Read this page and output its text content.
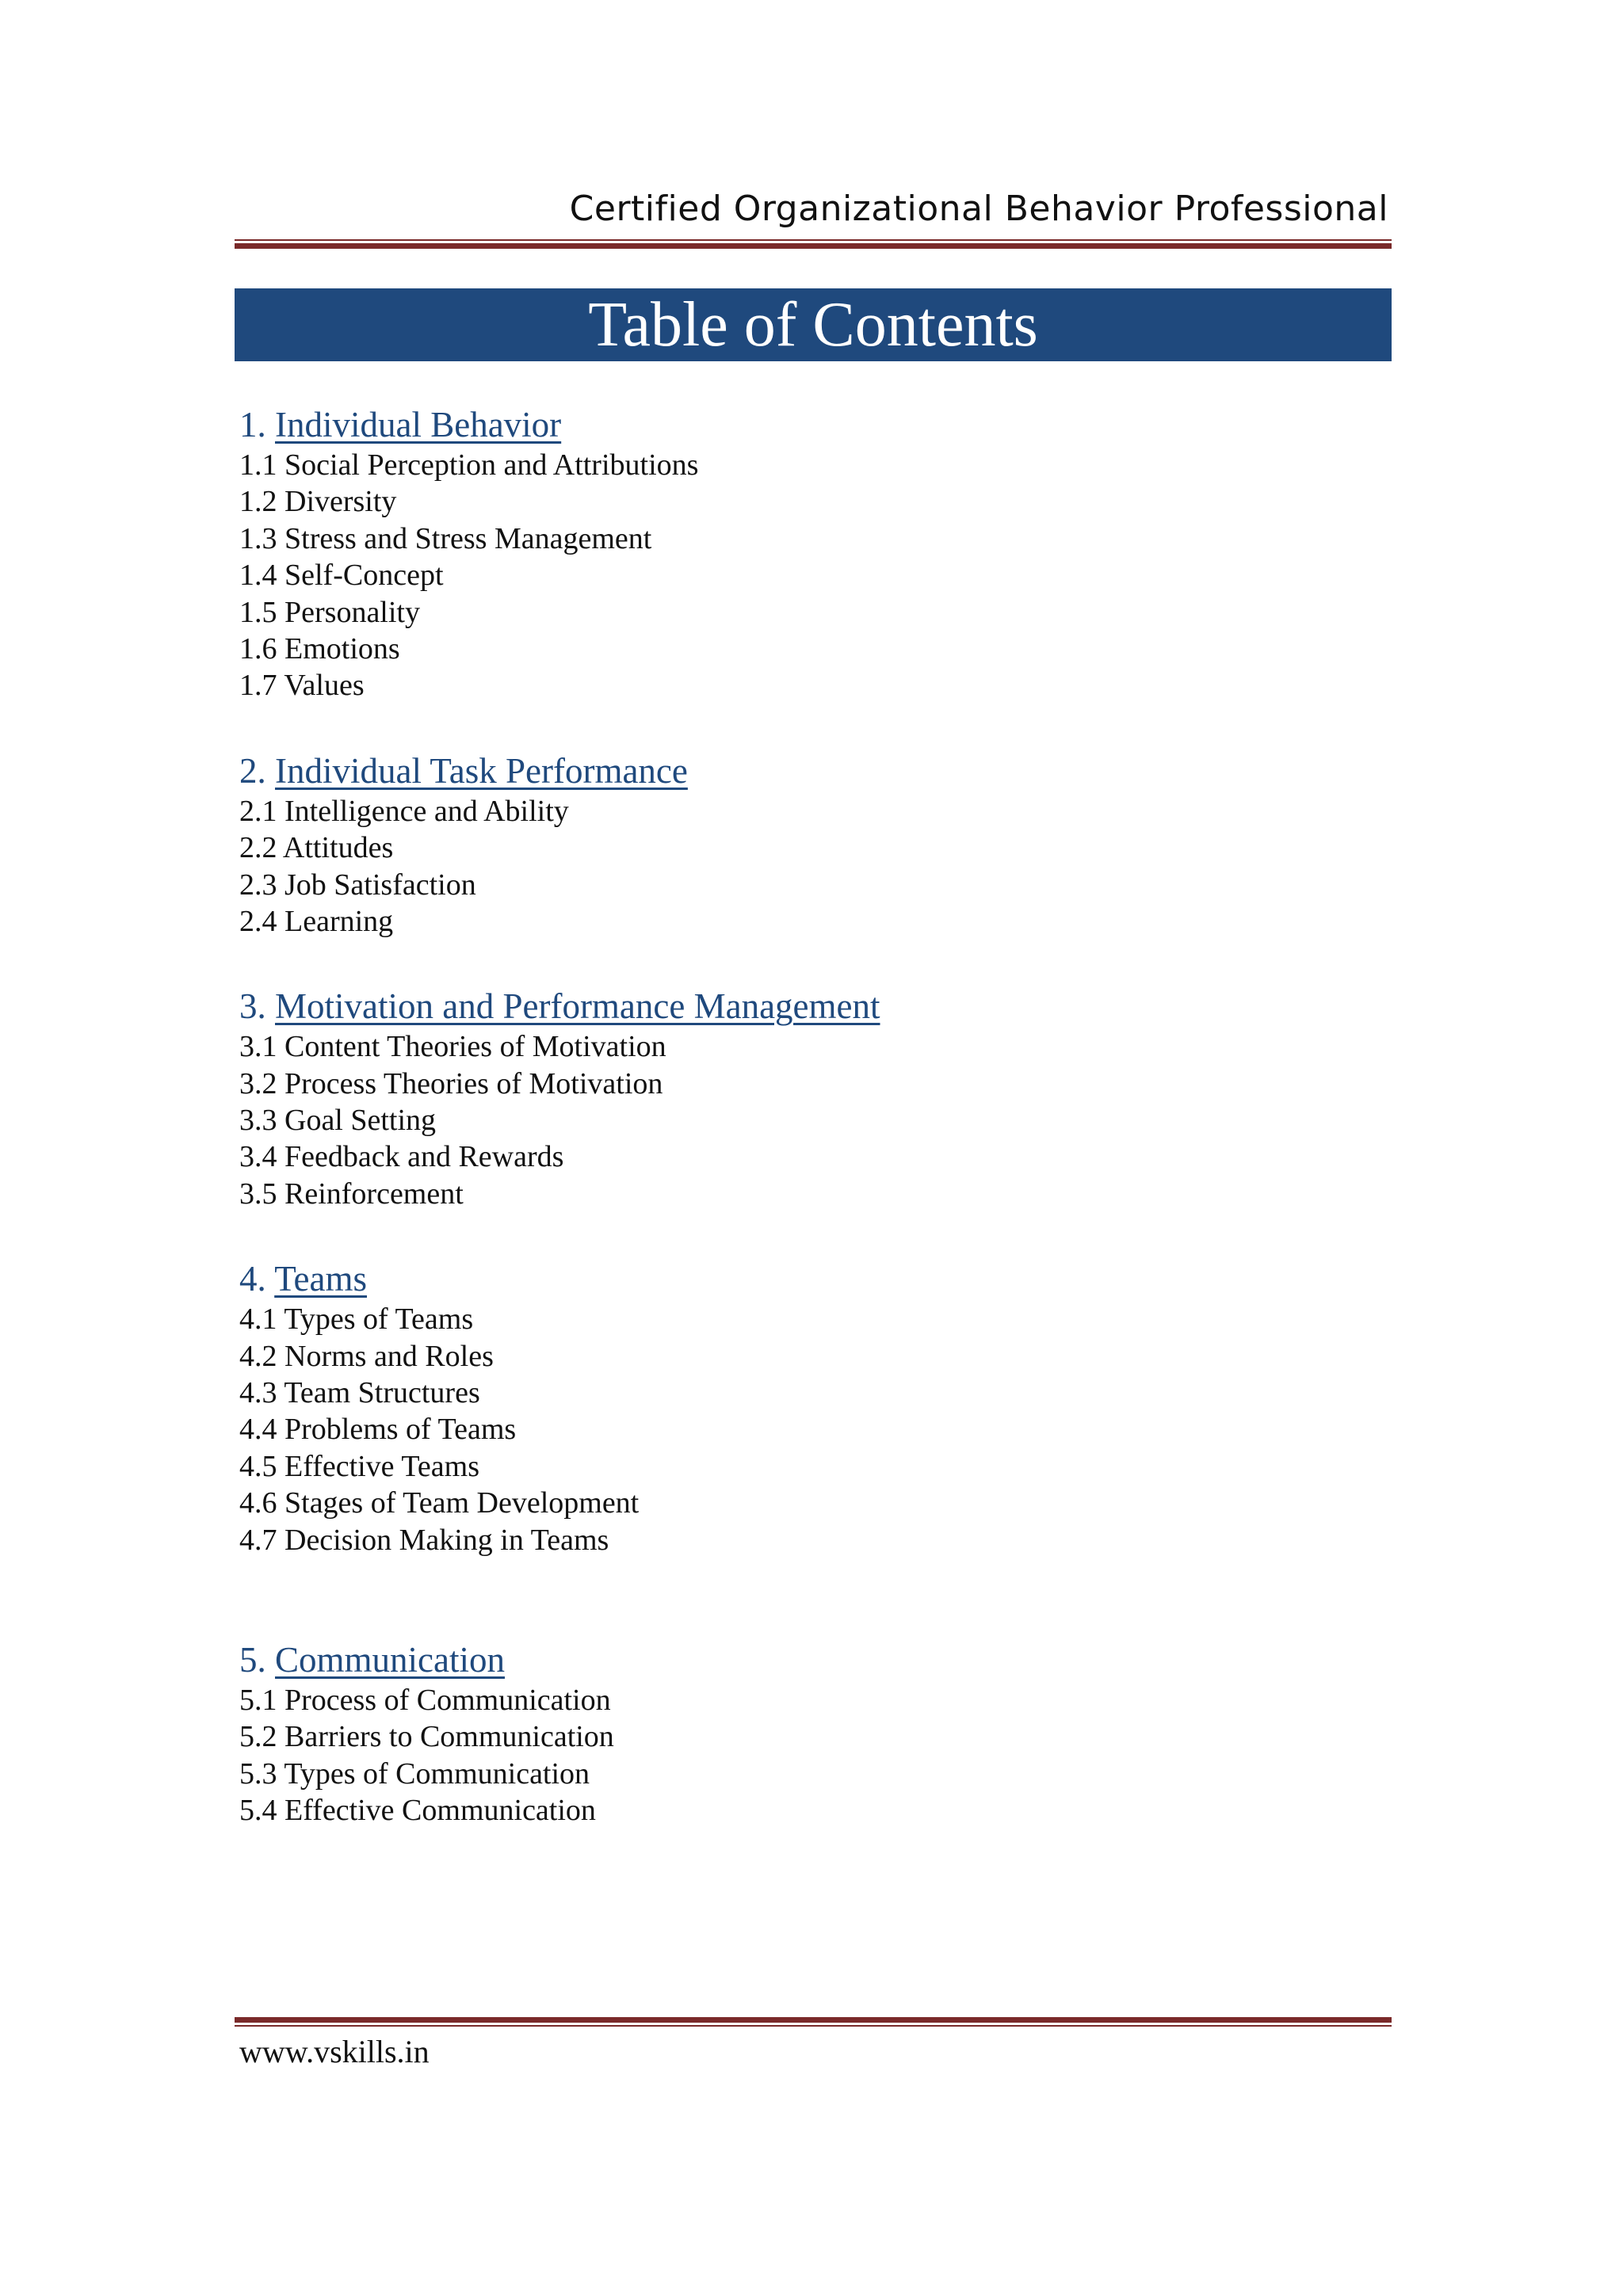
Certified Organizational Behavior Professional
Table of Contents
1. Individual Behavior
1.1 Social Perception and Attributions
1.2 Diversity
1.3 Stress and Stress Management
1.4 Self-Concept
1.5 Personality
1.6 Emotions
1.7 Values
2. Individual Task Performance
2.1 Intelligence and Ability
2.2 Attitudes
2.3 Job Satisfaction
2.4 Learning
3. Motivation and Performance Management
3.1 Content Theories of Motivation
3.2 Process Theories of Motivation
3.3 Goal Setting
3.4 Feedback and Rewards
3.5 Reinforcement
4. Teams
4.1 Types of Teams
4.2 Norms and Roles
4.3 Team Structures
4.4 Problems of Teams
4.5 Effective Teams
4.6 Stages of Team Development
4.7 Decision Making in Teams
5. Communication
5.1 Process of Communication
5.2 Barriers to Communication
5.3 Types of Communication
5.4 Effective Communication
www.vskills.in
